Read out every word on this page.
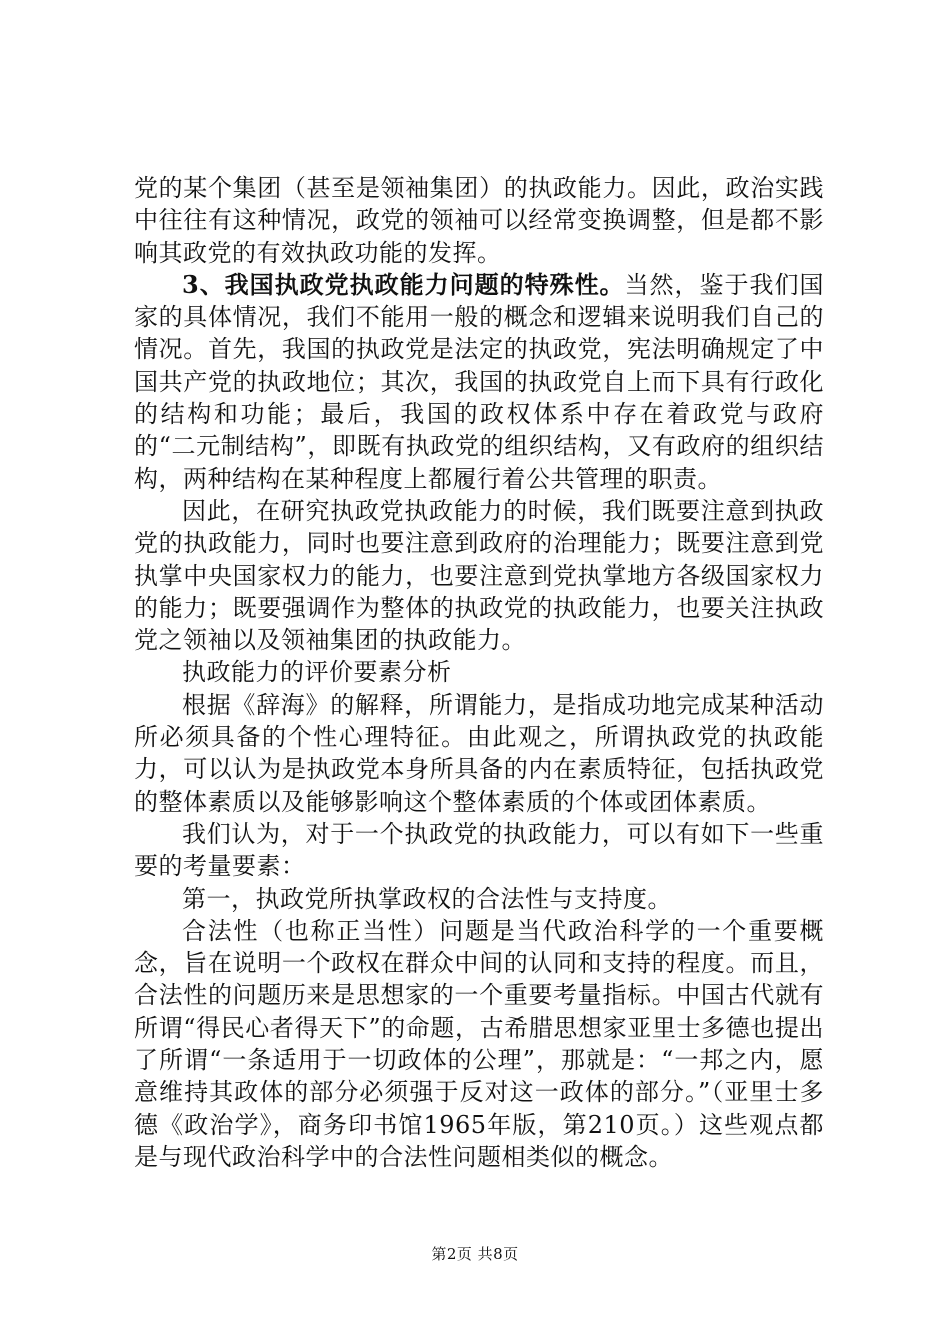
党的某个集团（甚至是领袖集团）的执政能力。因此，政治实践中往往有这种情况，政党的领袖可以经常变换调整，但是都不影响其政党的有效执政功能的发挥。

3、我国执政党执政能力问题的特殊性。当然，鉴于我们国家的具体情况，我们不能用一般的概念和逻辑来说明我们自己的情况。首先，我国的执政党是法定的执政党，宪法明确规定了中国共产党的执政地位；其次，我国的执政党自上而下具有行政化的结构和功能；最后，我国的政权体系中存在着政党与政府的“二元制结构”，即既有执政党的组织结构，又有政府的组织结构，两种结构在某种程度上都履行着公共管理的职责。

因此，在研究执政党执政能力的时候，我们既要注意到执政党的执政能力，同时也要注意到政府的治理能力；既要注意到党执掌中央国家权力的能力，也要注意到党执掌地方各级国家权力的能力；既要强调作为整体的执政党的执政能力，也要关注执政党之领袖以及领袖集团的执政能力。

执政能力的评价要素分析

根据《辞海》的解释，所谓能力，是指成功地完成某种活动所必须具备的个性心理特征。由此观之，所谓执政党的执政能力，可以认为是执政党本身所具备的内在素质特征，包括执政党的整体素质以及能够影响这个整体素质的个体或团体素质。

我们认为，对于一个执政党的执政能力，可以有如下一些重要的考量要素：

第一，执政党所执掌政权的合法性与支持度。

合法性（也称正当性）问题是当代政治科学的一个重要概念，旨在说明一个政权在群众中间的认同和支持的程度。而且，合法性的问题历来是思想家的一个重要考量指标。中国古代就有所谓“得民心者得天下”的命题，古希腊思想家亚里士多德也提出了所谓“一条适用于一切政体的公理”，那就是：“一邦之内，愿意维持其政体的部分必须强于反对这一政体的部分。”（亚里士多德《政治学》，商务印书馆1965年版，第210页。）这些观点都是与现代政治科学中的合法性问题相类似的概念。

第2页 共8页
